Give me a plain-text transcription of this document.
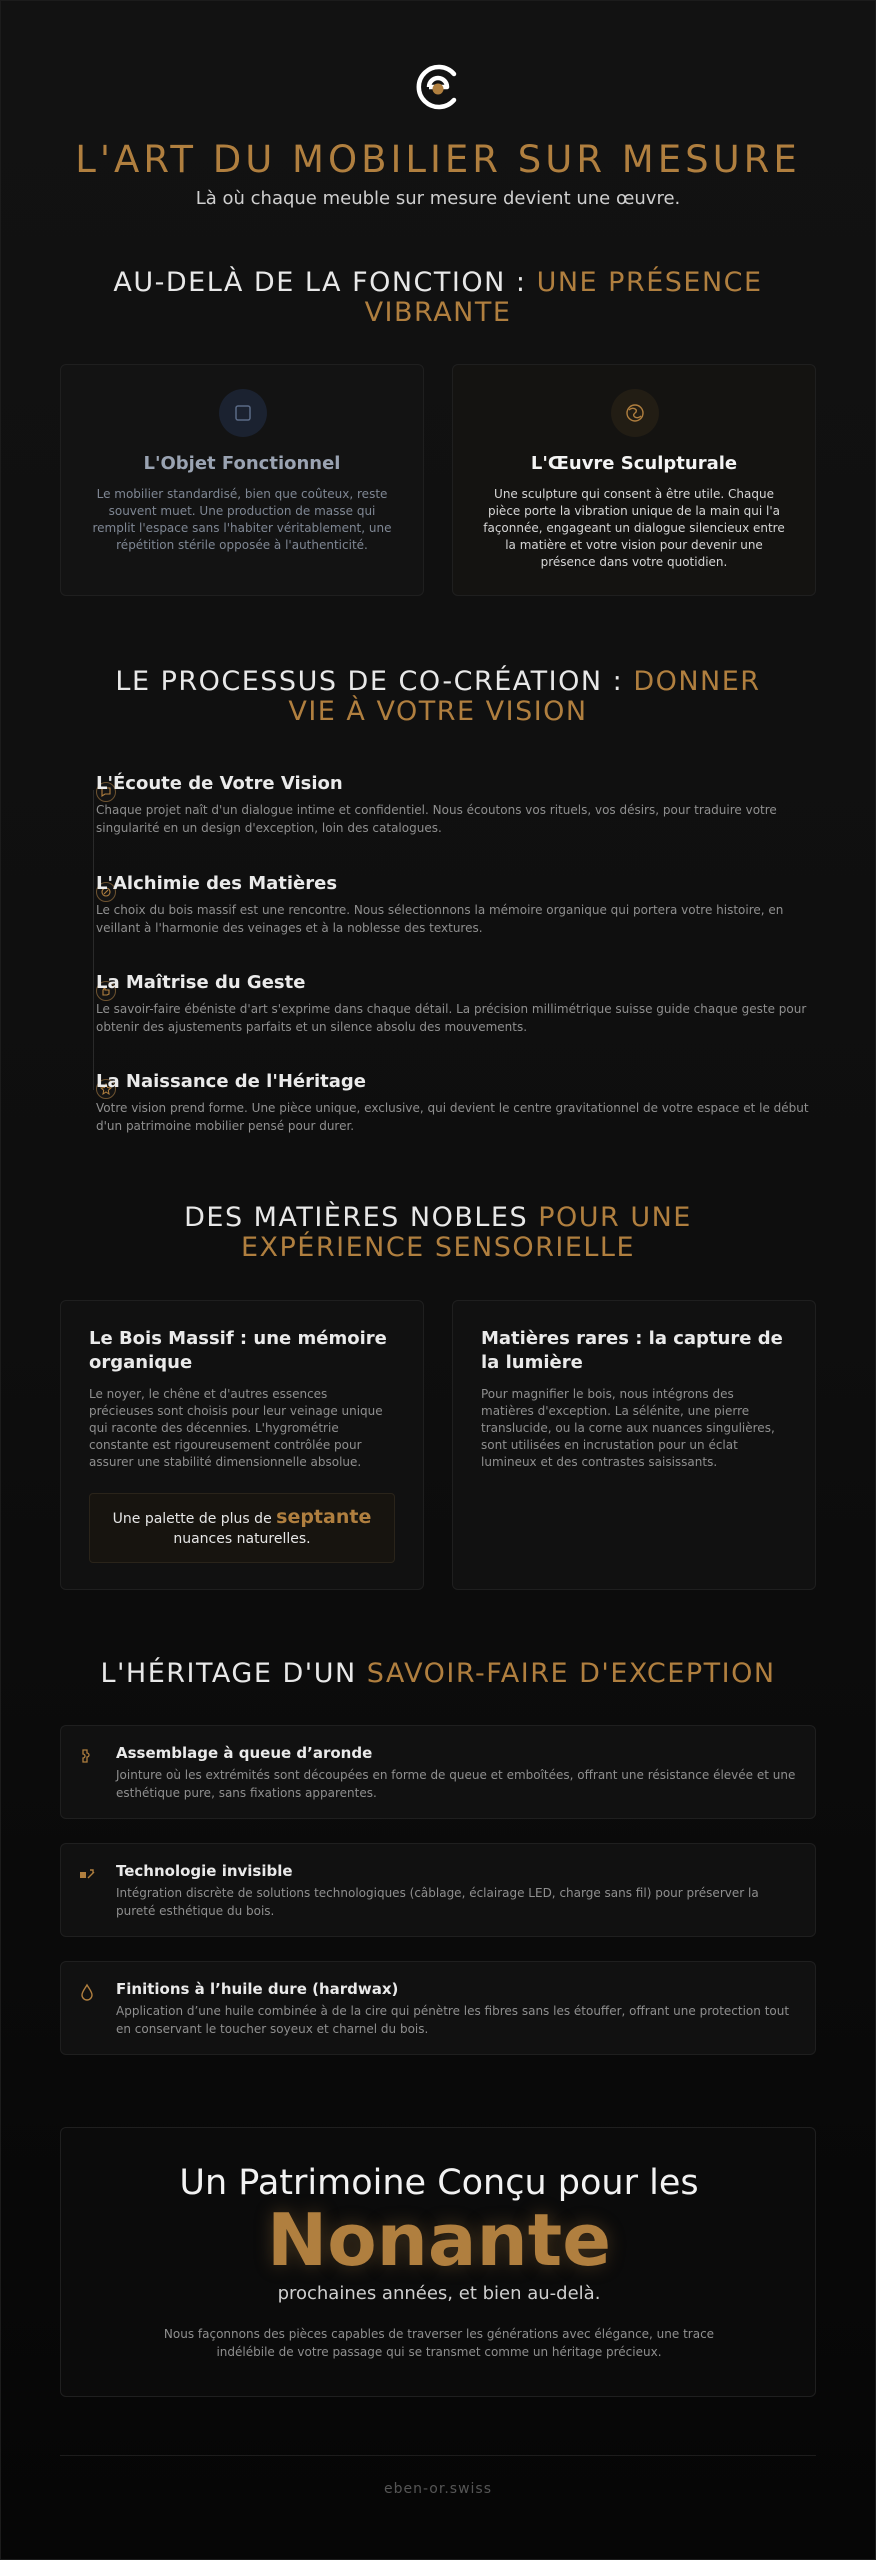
L'ART DU MOBILIER SUR MESURE

Là où chaque meuble sur mesure devient une œuvre.

AU-DELÀ DE LA FONCTION : UNE PRÉSENCE VIBRANTE
L'Objet Fonctionnel
Le mobilier standardisé, bien que coûteux, reste souvent muet. Une production de masse qui remplit l'espace sans l'habiter véritablement, une répétition stérile opposée à l'authenticité.
L'Œuvre Sculpturale
Une sculpture qui consent à être utile. Chaque pièce porte la vibration unique de la main qui l'a façonnée, engageant un dialogue silencieux entre la matière et votre vision pour devenir une présence dans votre quotidien.
LE PROCESSUS DE CO-CRÉATION : DONNER VIE À VOTRE VISION
L'Écoute de Votre Vision
Chaque projet naît d'un dialogue intime et confidentiel. Nous écoutons vos rituels, vos désirs, pour traduire votre singularité en un design d'exception, loin des catalogues.
L'Alchimie des Matières
Le choix du bois massif est une rencontre. Nous sélectionnons la mémoire organique qui portera votre histoire, en veillant à l'harmonie des veinages et à la noblesse des textures.
La Maîtrise du Geste
Le savoir-faire ébéniste d'art s'exprime dans chaque détail. La précision millimétrique suisse guide chaque geste pour obtenir des ajustements parfaits et un silence absolu des mouvements.
La Naissance de l'Héritage
Votre vision prend forme. Une pièce unique, exclusive, qui devient le centre gravitationnel de votre espace et le début d'un patrimoine mobilier pensé pour durer.
DES MATIÈRES NOBLES POUR UNE EXPÉRIENCE SENSORIELLE
Le Bois Massif : une mémoire organique
Le noyer, le chêne et d'autres essences précieuses sont choisis pour leur veinage unique qui raconte des décennies. L'hygrométrie constante est rigoureusement contrôlée pour assurer une stabilité dimensionnelle absolue.
Une palette de plus de septante
nuances naturelles.
Matières rares : la capture de la lumière
Pour magnifier le bois, nous intégrons des matières d'exception. La sélénite, une pierre translucide, ou la corne aux nuances singulières, sont utilisées en incrustation pour un éclat lumineux et des contrastes saisissants.
L'HÉRITAGE D'UN SAVOIR-FAIRE D'EXCEPTION
Assemblage à queue d’aronde
Jointure où les extrémités sont découpées en forme de queue et emboîtées, offrant une résistance élevée et une esthétique pure, sans fixations apparentes.
Technologie invisible
Intégration discrète de solutions technologiques (câblage, éclairage LED, charge sans fil) pour préserver la pureté esthétique du bois.
Finitions à l’huile dure (hardwax)
Application d’une huile combinée à de la cire qui pénètre les fibres sans les étouffer, offrant une protection tout en conservant le toucher soyeux et charnel du bois.
Un Patrimoine Conçu pour les
Nonante
prochaines années, et bien au-delà.
Nous façonnons des pièces capables de traverser les générations avec élégance, une trace indélébile de votre passage qui se transmet comme un héritage précieux.
eben-or.swiss
